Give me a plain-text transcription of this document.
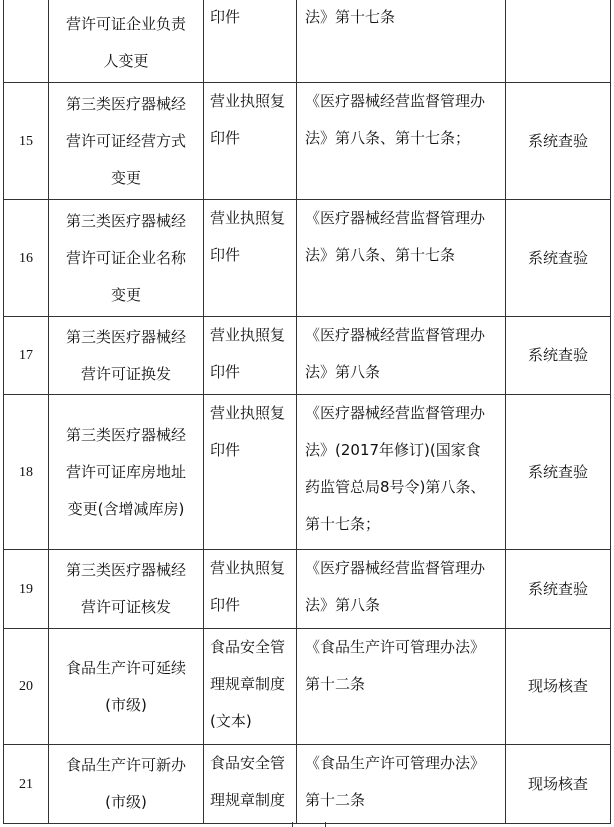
	营许可证企业负责
人变更	印件	法》第十七条	

15	第三类医疗器械经
营许可证经营方式
变更	营业执照复
印件	《医疗器械经营监督管理办
法》第八条、第十七条；	系统查验

16	第三类医疗器械经
营许可证企业名称
变更	营业执照复
印件	《医疗器械经营监督管理办
法》第八条、第十七条	系统查验

17	第三类医疗器械经
营许可证换发	营业执照复
印件	《医疗器械经营监督管理办
法》第八条	系统查验

18	第三类医疗器械经
营许可证库房地址
变更(含增减库房)	营业执照复
印件	《医疗器械经营监督管理办
法》(2017年修订)(国家食
药监管总局8号令)第八条、
第十七条；	系统查验

19	第三类医疗器械经
营许可证核发	营业执照复
印件	《医疗器械经营监督管理办
法》第八条	系统查验

20	食品生产许可延续
(市级)	食品安全管
理规章制度
(文本)	《食品生产许可管理办法》
第十二条	现场核查

21	食品生产许可新办
(市级)	食品安全管
理规章制度	《食品生产许可管理办法》
第十二条	现场核查
